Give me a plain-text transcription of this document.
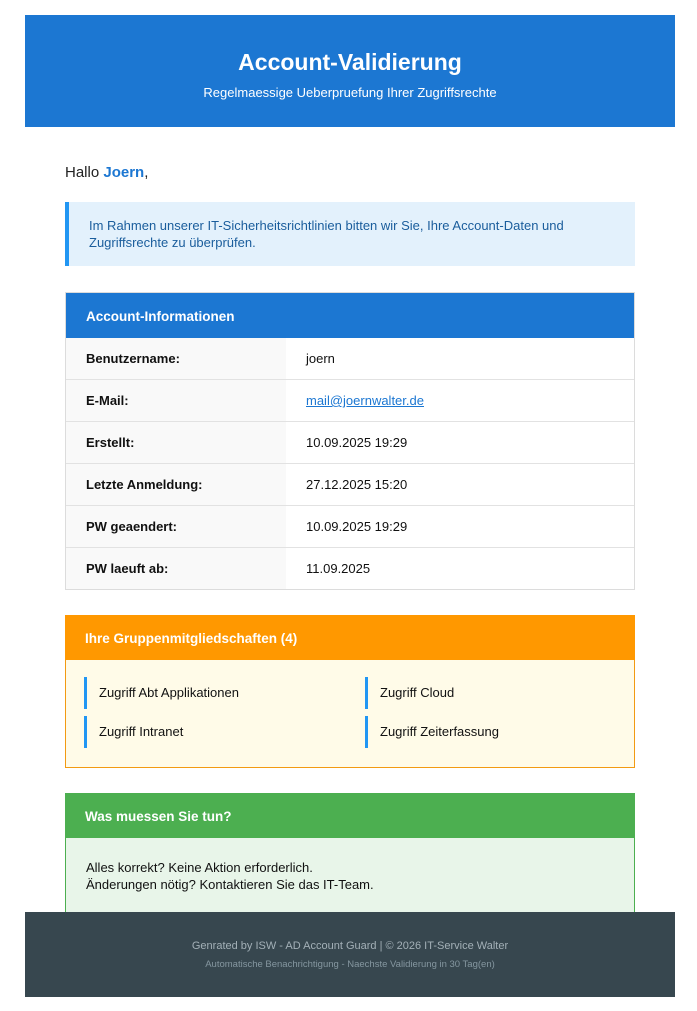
Account-Validierung
Regelmaessige Ueberpruefung Ihrer Zugriffsrechte
Hallo Joern,
Im Rahmen unserer IT-Sicherheitsrichtlinien bitten wir Sie, Ihre Account-Daten und Zugriffsrechte zu überprüfen.
Account-Informationen
Benutzername:	joern
E-Mail:	mail@joernwalter.de
Erstellt:	10.09.2025 19:29
Letzte Anmeldung:	27.12.2025 15:20
PW geaendert:	10.09.2025 19:29
PW laeuft ab:	11.09.2025
Ihre Gruppenmitgliedschaften (4)
Zugriff Abt Applikationen	Zugriff Cloud
Zugriff Intranet	Zugriff Zeiterfassung
Was muessen Sie tun?
Alles korrekt? Keine Aktion erforderlich.
Änderungen nötig? Kontaktieren Sie das IT-Team.
Genrated by ISW - AD Account Guard | © 2026 IT-Service Walter
Automatische Benachrichtigung - Naechste Validierung in 30 Tag(en)
